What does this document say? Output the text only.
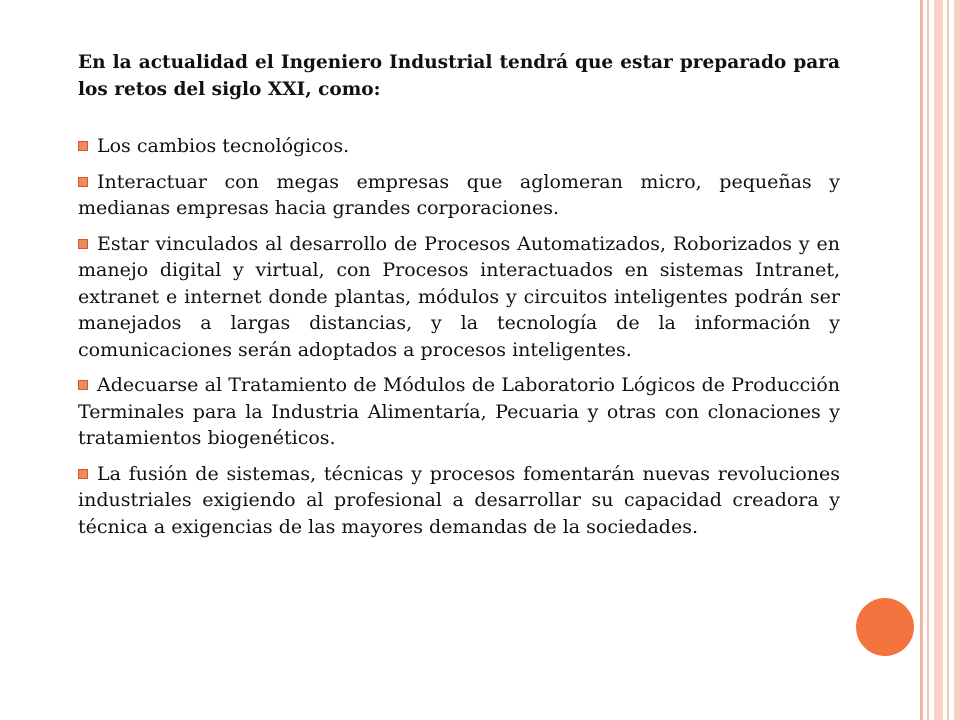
En la actualidad el Ingeniero Industrial tendrá que estar preparado para los retos del siglo XXI, como:

Los cambios tecnológicos.

Interactuar con megas empresas que aglomeran micro, pequeñas y medianas empresas hacia grandes corporaciones.

Estar vinculados al desarrollo de Procesos Automatizados, Roborizados y en manejo digital y virtual, con Procesos interactuados en sistemas Intranet, extranet e internet donde plantas, módulos y circuitos inteligentes podrán ser manejados a largas distancias, y la tecnología de la información y comunicaciones serán adoptados a procesos inteligentes.

Adecuarse al Tratamiento de Módulos de Laboratorio Lógicos de Producción Terminales para la Industria Alimentaría, Pecuaria y otras con clonaciones y tratamientos biogenéticos.

La fusión de sistemas, técnicas y procesos fomentarán nuevas revoluciones industriales exigiendo al profesional a desarrollar su capacidad creadora y técnica a exigencias de las mayores demandas de la sociedades.
